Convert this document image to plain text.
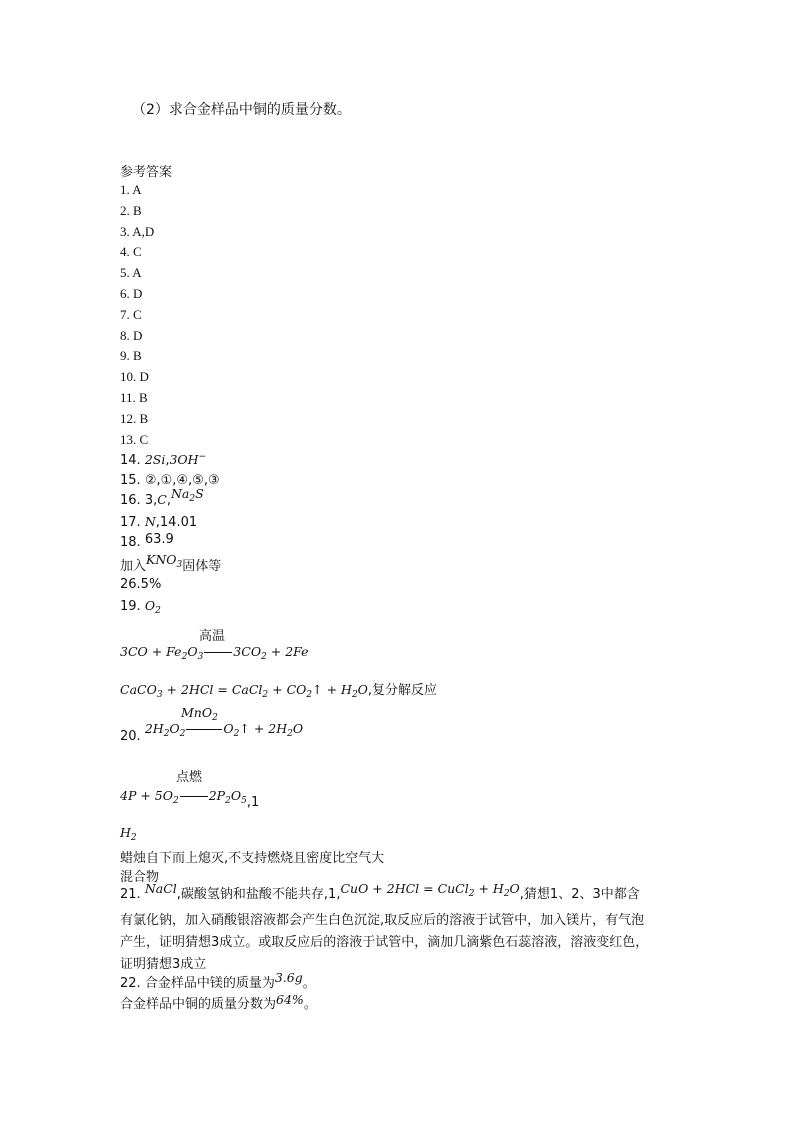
（2）求合金样品中铜的质量分数。
参考答案
1. A
2. B
3. A,D
4. C
5. A
6. D
7. C
8. D
9. B
10. D
11. B
12. B
13. C
14. 2Si,3OH−
15. ②,①,④,⑤,③
16. $3,C,Na_2S$
17. N,14.01
18. 63.9
加入$KNO_3$固体等
26.5%
19. $O_2$
高温
$3CO + Fe_2O_3$ $3CO_2 + 2Fe$
CaCO$_3$ + 2HCl = CaCl$_2$ + $CO_2↑ + H_2O$,复分解反应
MnO$_2$
20. $2H_2O_2$	$O_2↑ + 2H_2O$
点燃
$4P + 5O_2$ $2P_2O_5,1$
$H_2$
蜡烛自下而上熄灭,不支持燃烧且密度比空气大
混合物
21. NaCl,碳酸氢钠和盐酸不能共存,1,CuO + 2HCl = CuCl$_2$ + $H_2O$,猜想1、2、3中都含有氯化钠，加入硝酸银溶液都会产生白色沉淀,取反应后的溶液于试管中，加入镁片，有气泡产生，证明猜想3成立。或取反应后的溶液于试管中，滴加几滴紫色石蕊溶液，溶液变红色，证明猜想3成立
22. 合金样品中镁的质量为3.6g。
合金样品中铜的质量分数为64%。
